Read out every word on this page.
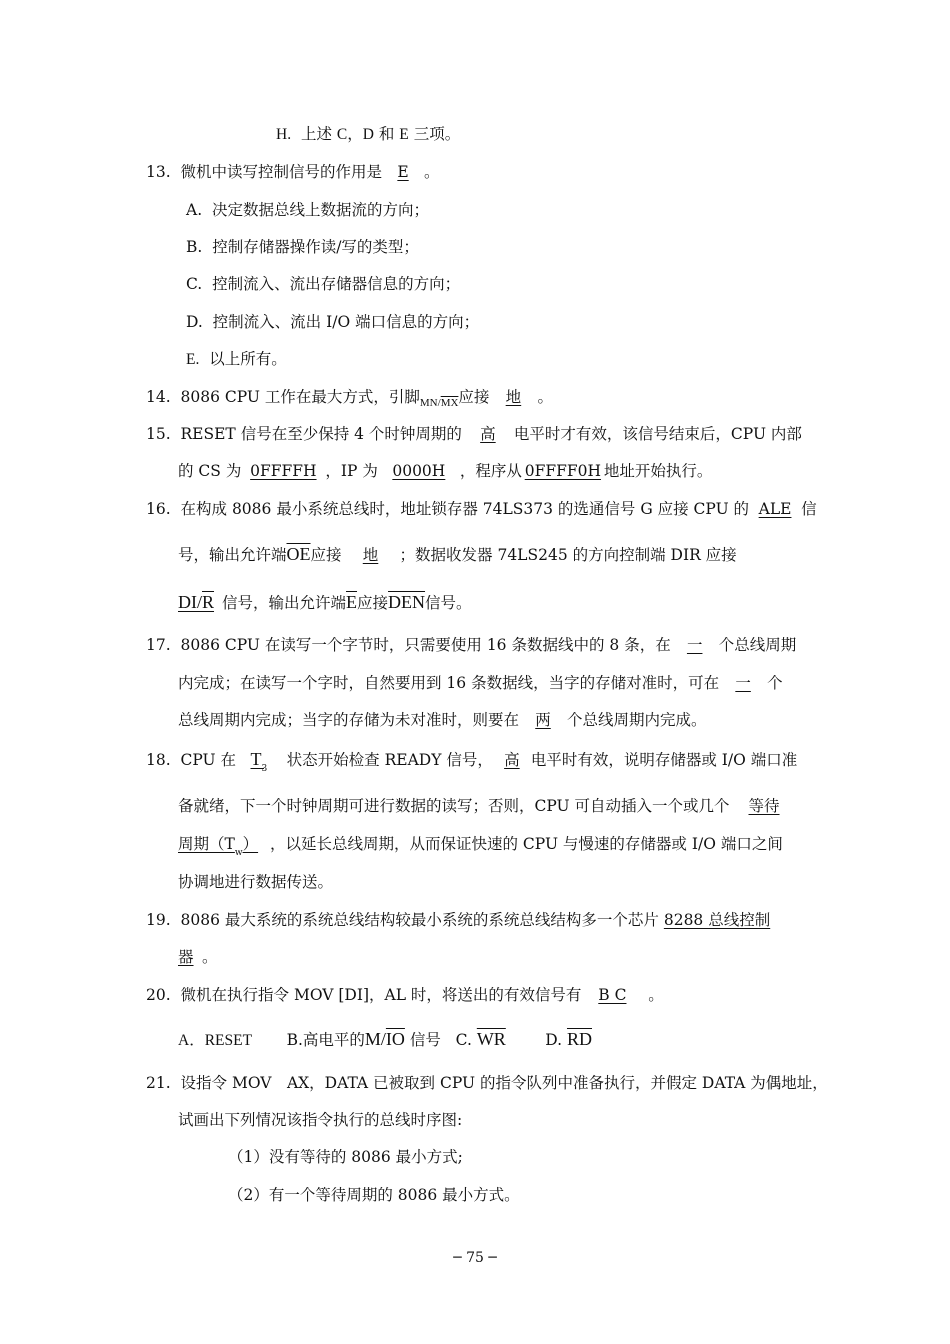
H. 上述 C，D 和 E 三项。
13. 微机中读写控制信号的作用是 E 。
A. 决定数据总线上数据流的方向；
B. 控制存储器操作读/写的类型；
C. 控制流入、流出存储器信息的方向；
D. 控制流入、流出 I/O 端口信息的方向；
E. 以上所有。
14. 8086 CPU 工作在最大方式，引脚$_{MN/\overline{MX}}$应接 地 。
15. RESET 信号在至少保持 4 个时钟周期的 高 电平时才有效，该信号结束后，CPU 内部
的 CS 为 0FFFFH ，IP 为 0000H ，程序从 0FFFF0H 地址开始执行。
16. 在构成 8086 最小系统总线时，地址锁存器 74LS373 的选通信号 G 应接 CPU 的 ALE 信
号，输出允许端$\overline{OE}$应接 地 ；数据收发器 74LS245 的方向控制端 DIR 应接
DI/R 信号，输出允许端$\overline{E}$应接$\overline{DEN}$信号。
17. 8086 CPU 在读写一个字节时，只需要使用 16 条数据线中的 8 条，在 一 个总线周期
内完成；在读写一个字时，自然要用到 16 条数据线，当字的存储对准时，可在 一 个
总线周期内完成；当字的存储为未对准时，则要在 两 个总线周期内完成。
18. CPU 在 $T_3$ 状态开始检查 READY 信号， 高 电平时有效，说明存储器或 I/O 端口准
备就绪，下一个时钟周期可进行数据的读写；否则，CPU 可自动插入一个或几个 等待
周期$(T_w)$ ，以延长总线周期，从而保证快速的 CPU 与慢速的存储器或 I/O 端口之间
协调地进行数据传送。
19. 8086 最大系统的系统总线结构较最小系统的系统总线结构多一个芯片 8288 总线控制
器 。
20. 微机在执行指令 MOV [DI]，AL 时，将送出的有效信号有 B C 。
A．RESET B.高电平的$M/\overline{IO}$ 信号 C. $\overline{WR}$	D. $\overline{RD}$
21. 设指令 MOV　AX，DATA 已被取到 CPU 的指令队列中准备执行，并假定 DATA 为偶地址，
试画出下列情况该指令执行的总线时序图:
（1）没有等待的 8086 最小方式;
（2）有一个等待周期的 8086 最小方式。
─ 75 ─
